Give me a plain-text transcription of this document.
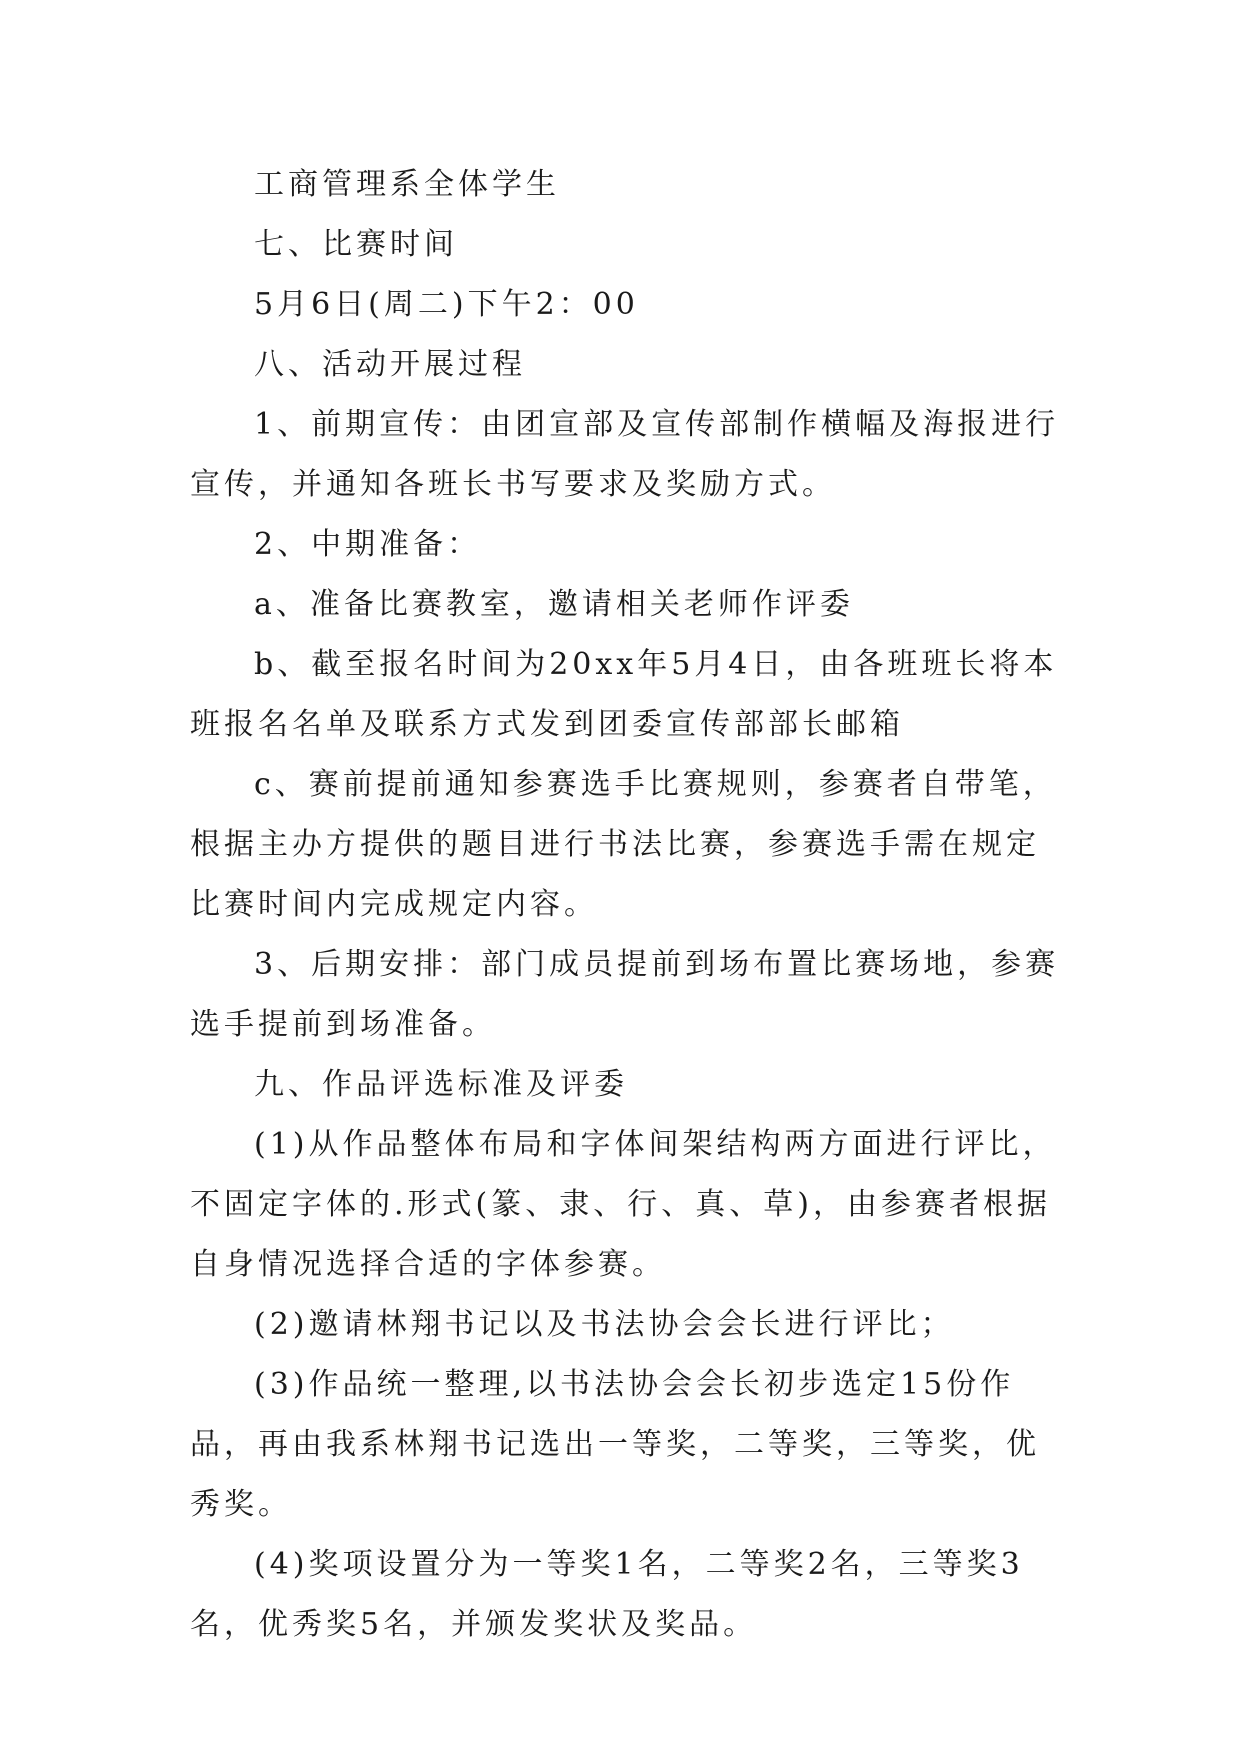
工商管理系全体学生

七、比赛时间

5月6日(周二)下午2：00

八、活动开展过程

1、前期宣传：由团宣部及宣传部制作横幅及海报进行宣传，并通知各班长书写要求及奖励方式。

2、中期准备：

a、准备比赛教室，邀请相关老师作评委

b、截至报名时间为20xx年5月4日，由各班班长将本班报名名单及联系方式发到团委宣传部部长邮箱

c、赛前提前通知参赛选手比赛规则，参赛者自带笔，根据主办方提供的题目进行书法比赛，参赛选手需在规定比赛时间内完成规定内容。

3、后期安排：部门成员提前到场布置比赛场地，参赛选手提前到场准备。

九、作品评选标准及评委

(1)从作品整体布局和字体间架结构两方面进行评比，不固定字体的.形式(篆、隶、行、真、草)，由参赛者根据自身情况选择合适的字体参赛。

(2)邀请林翔书记以及书法协会会长进行评比；

(3)作品统一整理,以书法协会会长初步选定15份作品，再由我系林翔书记选出一等奖，二等奖，三等奖，优秀奖。

(4)奖项设置分为一等奖1名，二等奖2名，三等奖3名，优秀奖5名，并颁发奖状及奖品。
